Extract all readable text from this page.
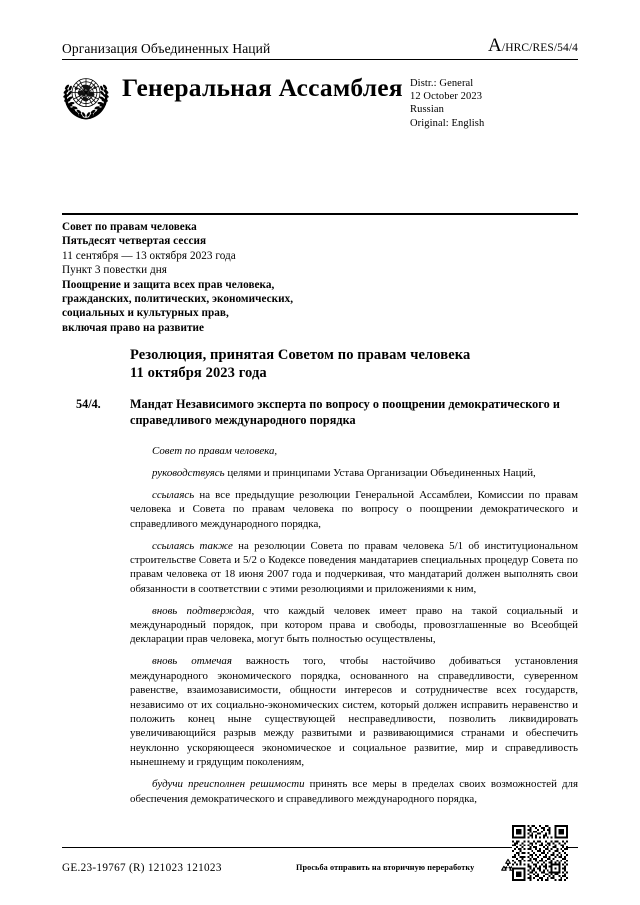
Организация Объединенных Наций	A/HRC/RES/54/4
Генеральная Ассамблея Distr.: General
12 October 2023
Russian
Original: English
Совет по правам человека
Пятьдесят четвертая сессия
11 сентября — 13 октября 2023 года
Пункт 3 повестки дня
Поощрение и защита всех прав человека,
гражданских, политических, экономических,
социальных и культурных прав,
включая право на развитие
Резолюция, принятая Советом по правам человека
11 октября 2023 года
54/4.	Мандат Независимого эксперта по вопросу о поощрении демократического и справедливого международного порядка

Совет по правам человека,

руководствуясь целями и принципами Устава Организации Объединенных Наций,

ссылаясь на все предыдущие резолюции Генеральной Ассамблеи, Комиссии по правам человека и Совета по правам человека по вопросу о поощрении демократического и справедливого международного порядка,

ссылаясь также на резолюции Совета по правам человека 5/1 об институциональном строительстве Совета и 5/2 о Кодексе поведения мандатариев специальных процедур Совета по правам человека от 18 июня 2007 года и подчеркивая, что мандатарий должен выполнять свои обязанности в соответствии с этими резолюциями и приложениями к ним,

вновь подтверждая, что каждый человек имеет право на такой социальный и международный порядок, при котором права и свободы, провозглашенные во Всеобщей декларации прав человека, могут быть полностью осуществлены,

вновь отмечая важность того, чтобы настойчиво добиваться установления международного экономического порядка, основанного на справедливости, суверенном равенстве, взаимозависимости, общности интересов и сотрудничестве всех государств, независимо от их социально-экономических систем, который должен исправить неравенство и положить конец ныне существующей несправедливости, позволить ликвидировать увеличивающийся разрыв между развитыми и развивающимися странами и обеспечить неуклонно ускоряющееся экономическое и социальное развитие, мир и справедливость нынешнему и грядущим поколениям,

будучи преисполнен решимости принять все меры в пределах своих возможностей для обеспечения демократического и справедливого международного порядка,

GE.23-19767 (R) 121023 121023	Просьба отправить на вторичную переработку
